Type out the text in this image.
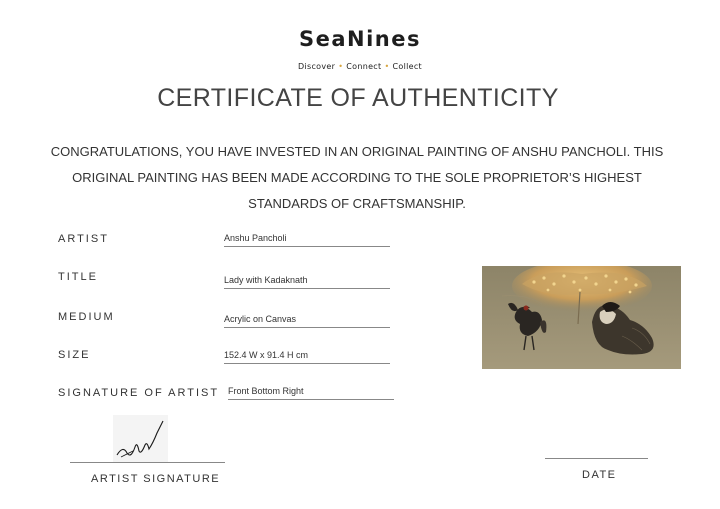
SeaNines
Discover • Connect • Collect
CERTIFICATE OF AUTHENTICITY
CONGRATULATIONS, YOU HAVE INVESTED IN AN ORIGINAL PAINTING OF ANSHU PANCHOLI. THIS ORIGINAL PAINTING HAS BEEN MADE ACCORDING TO THE SOLE PROPRIETOR’S HIGHEST STANDARDS OF CRAFTSMANSHIP.
ARTIST	Anshu Pancholi
TITLE	Lady with Kadaknath
MEDIUM	Acrylic on Canvas
SIZE	152.4 W x 91.4 H cm
SIGNATURE OF ARTIST Front Bottom Right
ARTIST SIGNATURE	DATE
